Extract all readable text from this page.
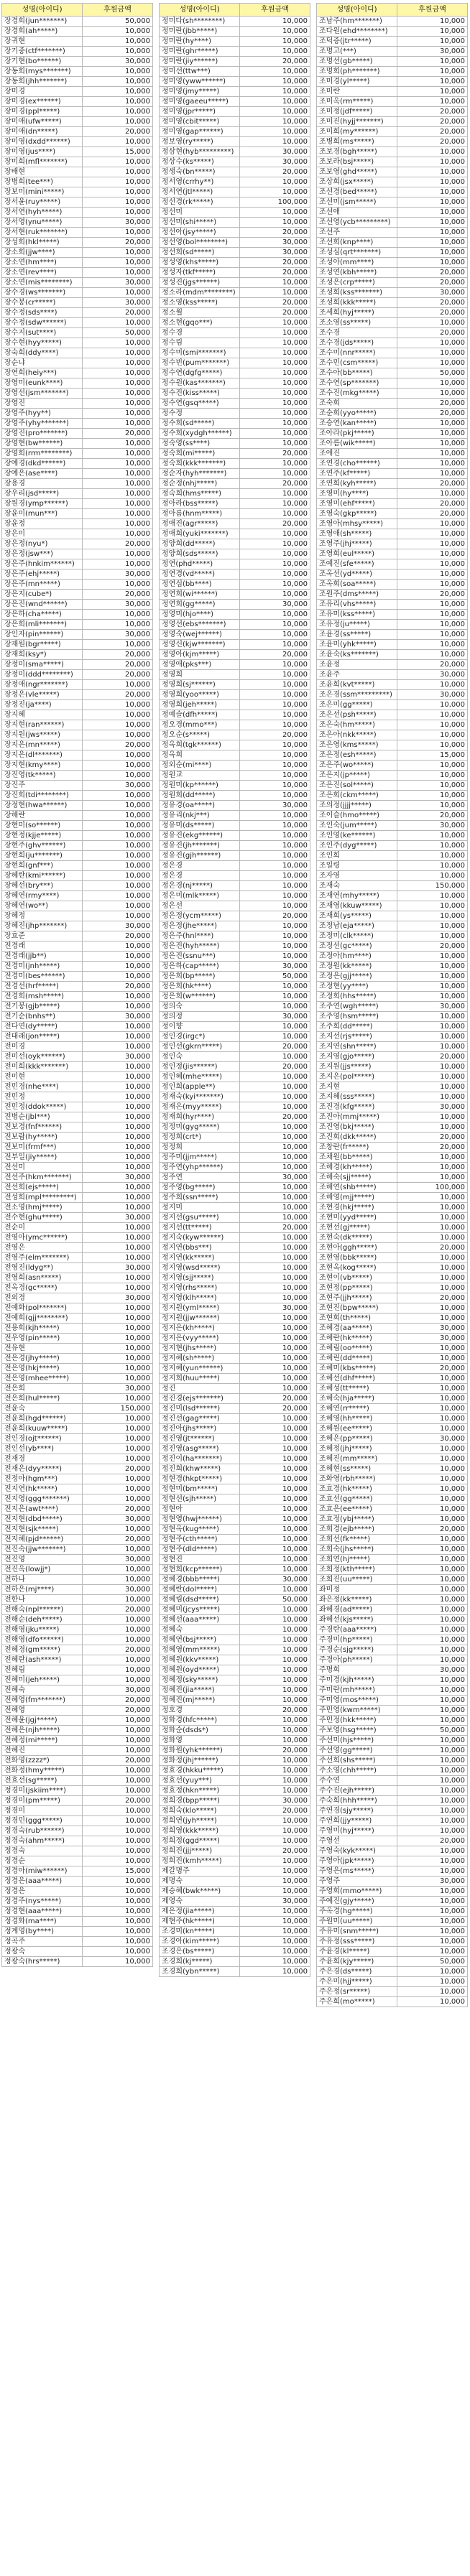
성명(아이디)	후원금액
장경희(jun*******)	50,000
장경희(ah*****)	10,000
장귀현	10,000
장기중(ctf*******)	10,000
장기현(bo******)	30,000
장동희(mys*******)	10,000
장동희(jhh*******)	10,000
장미경	10,000
장미경(ex******)	10,000
장미경(ppl*****)	10,000
장미애(ufw*****)	10,000
장미애(dn*****)	20,000
장미영(dxdd******)	10,000
장미영(jus****)	15,000
장미희(mfl*******)	10,000
장배현	10,000
장병희(tee***)	10,000
장보미(mini*****)	10,000
장서윤(ruy*****)	10,000
장서연(hyh*****)	10,000
장서영(ynu*****)	30,000
장서현(ruk*******)	10,000
장성희(hkl*****)	20,000
장소희(jjw****)	10,000
장소연(hm****)	10,000
장소연(rev****)	10,000
장소연(mis********)	30,000
장수경(ws*******)	10,000
장수봉(cr*****)	30,000
장수정(sds****)	20,000
장수정(sdw******)	10,000
장수지(sut****)	50,000
장수현(hyy*****)	10,000
장숙희(ddy****)	10,000
장순냐	10,000
장연희(heiy***)	10,000
장영미(eunk****)	10,000
장영선(jsm*******)	10,000
장영진	10,000
장영주(hyy**)	10,000
장영주(yhy*******)	10,000
장영진(pro*******)	20,000
장영현(bw******)	10,000
장영희(rrm********)	10,000
장예경(dkd******)	10,000
장예은(ase****)	10,000
장용경	10,000
장우리(jsd*****)	10,000
장원경(ymp******)	10,000
장윤미(mun***)	10,000
장윤정	10,000
장은미	10,000
장은정(nyu*)	20,000
장은정(jsw***)	10,000
장은주(hnkim******)	10,000
장은주(ehj*****)	30,000
장은주(mn*****)	10,000
장은지(cube*)	20,000
장은진(wnd******)	30,000
장은하(cha*****)	10,000
장은희(mli*******)	10,000
장인자(pin******)	30,000
장재원(bgr*****)	10,000
장재희(ksy*)	20,000
장정미(sma*****)	20,000
장정미(ddd********)	20,000
장정애(ngr*******)	10,000
장정은(vle*****)	20,000
장정진(ja****)	10,000
장지혜	10,000
장지현(ran******)	10,000
장지원(jws*****)	10,000
장지은(mn*****)	20,000
장지은(dl*******)	10,000
장지현(kmy****)	10,000
장진영(tk*****)	10,000
장진주	30,000
장진희(tdi********)	10,000
장정현(hwa******)	10,000
장해란	10,000
장현미(so******)	10,000
장현정(kjje*****)	10,000
장현주(ghv******)	10,000
장현희(ju*******)	10,000
장현희(gnf***)	10,000
장혜란(kmi******)	10,000
장혜선(bry***)	10,000
장혜연(rmy****)	10,000
장혜연(wo**)	10,000
장혜정	10,000
장혜진(jhp*******)	30,000
장효준	20,000
전경래	10,000
전경래(jjb**)	10,000
전경미(jnh*****)	10,000
전경미(bes******)	10,000
전경선(hrf*****)	20,000
전경희(msh*****)	10,000
전기봉(gjb*****)	10,000
전기순(bnhs**)	30,000
전다연(dy*****)	10,000
전대래(jon*****)	10,000
전미경	10,000
전미선(oyk******)	30,000
전미희(kkk*******)	10,000
전미현	10,000
전민경(nhe****)	10,000
전민정	10,000
전민정(ddok*****)	10,000
전병순(jbl***)	10,000
전보경(fnf******)	10,000
전보람(hy*****)	10,000
전보미(frmf***)	10,000
전부일(jiy*****)	10,000
전선미	10,000
전선주(hkm*******)	30,000
전선희(ejs*****)	10,000
전성희(mpl*********)	10,000
전소영(hmj*****)	10,000
전수현(ghu*****)	30,000
전순미	10,000
전영아(ymc******)	10,000
전영은	10,000
전영주(elm*******)	10,000
전영진(ldyg**)	30,000
전영희(asn*****)	10,000
전옥경(gc*****)	10,000
전외경	30,000
전예화(pol*******)	10,000
전예희(gjj********)	10,000
전용희(kjh*****)	10,000
전우영(pin*****)	10,000
전유현	10,000
전은경(jhy*****)	10,000
전은영(hkj*****)	10,000
전은영(mhee*****)	10,000
전은희	30,000
전은희(hul*****)	10,000
전윤숙	150,000
전윤희(hgd******)	10,000
전윤희(kuuw*****)	10,000
전인경(ojt******)	10,000
전인선(yb****)	10,000
전재경	10,000
전재은(dyy*****)	20,000
전정아(hgm***)	10,000
전지연(hk*****)	10,000
전지영(ggg*******)	10,000
전지은(awt****)	20,000
전지현(dbd*****)	30,000
전지현(sjk*****)	10,000
전지혜(pjd******)	20,000
전진숙(jjw*******)	10,000
전진영	30,000
전진옥(lowjj*)	10,000
전하나	10,000
전하은(mj****)	30,000
전한나	10,000
전해숙(npl******)	20,000
전해순(deh*****)	10,000
전해영(jku*****)	10,000
전해영(dfo******)	10,000
전혜경(gm*****)	20,000
전혜란(ash*****)	10,000
전혜림	10,000
전혜미(jeh*****)	10,000
전혜숙	30,000
전혜영(fm*******)	20,000
전혜영	20,000
전혜윤(jgj*****)	10,000
전혜은(njh*****)	10,000
전혜정(mi*****)	10,000
전혜진	10,000
전화영(zzzz*)	20,000
전화정(hmy*****)	10,000
전효선(sg*****)	10,000
정경미(jskiim****)	10,000
정경미(pm*****)	20,000
정경미	10,000
정경민(ggg*****)	10,000
정경숙(rub******)	10,000
정경숙(ahm*****)	10,000
정경숙	10,000
정경순	10,000
정경아(miw******)	15,000
정경은(aaa*****)	10,000
정경은	10,000
정경주(nys*****)	10,000
정경현(aaa*****)	10,000
정경화(ma****)	10,000
정계영(by****)	10,000
정곡주	10,000
정광숙	10,000
정광숙(hrs*****)	10,000
성명(아이디)	후원금액
정미다(sh********)	10,000
정미란(jbb*****)	10,000
정미란(hy****)	10,000
정미란(ghr*****)	10,000
정미란(jiy******)	20,000
정미선(ttw***)	10,000
정미영(yww******)	10,000
정미영(jmy*****)	10,000
정미영(gaeeu*****)	10,000
정미영(jpr*****)	10,000
정미영(cbit*****)	10,000
정미영(gap******)	10,000
정보영(ry*****)	10,000
정삼현(hyb*********)	30,000
정상수(ks*****)	30,000
정생숙(bn*****)	20,000
정서영(crrhy**)	10,000
정서연(jtl*****)	10,000
정선경(rk*****)	100,000
정선미	10,000
정선미(shi*****)	10,000
정선아(jsy*****)	20,000
정선영(bol********)	30,000
정선희(sd*****)	30,000
정성영(khs*****)	20,000
정성자(tkf*****)	20,000
정성진(jgs******)	10,000
정소라(mdm********)	10,000
정소영(kss*****)	20,000
정소월	20,000
정소현(gqo***)	10,000
정수경	10,000
정수림	10,000
정수미(smi*******)	10,000
정수빈(pum*******)	10,000
정수연(dgfg*****)	10,000
정수원(kas*******)	10,000
정수진(kiss*****)	10,000
정수연(gsq*****)	10,000
정수정	10,000
정수희(sd*****)	10,000
정수희(xydgh******)	10,000
정숙영(ss****)	10,000
정숙희(mi*****)	20,000
정숙희(kkk*******)	10,000
정순자(hyh*******)	10,000
정순정(nhj*****)	20,000
정숙희(hms*****)	10,000
정아라(bss*****)	10,000
정아름(hnm*****)	10,000
정애진(agr*****)	20,000
정애희(yuki*******)	10,000
정양희(dd*****)	10,000
정양희(sds*****)	10,000
정연(phd*****)	10,000
정연경(vd*****)	10,000
정연심(bb****)	10,000
정연희(wi******)	10,000
정연희(gg*****)	30,000
정영미(hjo****)	10,000
정영선(ebs*******)	10,000
정영숙(wej******)	10,000
정영신(kjw*******)	10,000
정영아(kjm*****)	20,000
정영애(pks***)	10,000
정영희	10,000
정영희(sj******)	10,000
정영희(yoo*****)	10,000
정영희(jeh*****)	10,000
정예슬(dfh*****)	10,000
정오경(mmo***)	10,000
정오순(s*****)	20,000
정옥희(tgk******)	10,000
정옥희	10,000
정외순(mi****)	10,000
정원교	10,000
정원미(kp******)	10,000
정원희(dd*****)	10,000
정유경(oa*****)	30,000
정유리(nkj***)	10,000
정유미(ds*****)	10,000
정유진(ekg******)	10,000
정유진(jh*******)	10,000
정유진(gjh******)	10,000
정은경	10,000
정은경	10,000
정은경(nj*****)	10,000
정은미(mlk*****)	10,000
정은선	10,000
정은정(ycm*****)	20,000
정은정(jhe*****)	10,000
정은주(hnl****)	10,000
정은진(hyh*****)	10,000
정은진(ssnu***)	10,000
정은하(cap*****)	30,000
정은희(bp*****)	50,000
정은희(hk****)	10,000
정은희(w******)	10,000
정의숙	10,000
정의정	30,000
정이향	10,000
정인경(irgc*)	10,000
정인선(gkrn*****)	20,000
정인숙	10,000
정인정(jis******)	20,000
정인혜(mhe*****)	10,000
정인희(apple**)	10,000
정재숙(kyi*******)	10,000
정재은(myy*****)	10,000
정재희(hyr****)	20,000
정정미(gyg*****)	10,000
정정희(crt*)	10,000
정정희	10,000
정주미(jjm*****)	10,000
정주연(yhp******)	10,000
정주연	30,000
정주영(bg*****)	10,000
정주희(ssn*****)	10,000
정지미	10,000
정지선(gsu*****)	10,000
정지선(tt*****)	20,000
정지숙(kyw******)	10,000
정지연(bbs***)	10,000
정지연(kk*****)	10,000
정지영(wsd*****)	10,000
정지영(sjj*****)	10,000
정지영(rhs*****)	10,000
정지영(klh*****)	10,000
정지원(yml*****)	30,000
정지원(jjw******)	10,000
정지은(kh*****)	10,000
정지은(vyy*****)	10,000
정지현(jhs*****)	10,000
정지혜(sh*****)	10,000
정지혜(yun******)	10,000
정지희(huu*****)	10,000
정진	10,000
정진경(ejs*******)	20,000
정진미(lsd******)	20,000
정진선(gag*****)	10,000
정진아(jhs*****)	10,000
정진영(jt******)	10,000
정진영(asg*****)	10,000
정진이(ha*******)	10,000
정진희(khw*****)	10,000
정현경(hkpt*****)	10,000
정현미(bm*****)	10,000
정현선(sjh*****)	10,000
정현아	10,000
정현영(hwj******)	10,000
정현옥(kug*****)	10,000
정현주(cth*****)	10,000
정현주(dld*****)	10,000
정현진	10,000
정현희(kcp******)	10,000
정혜경(bbb*****)	30,000
정혜란(dol*****)	10,000
정혜림(dsd*****)	50,000
정혜미(jcys*****)	10,000
정혜선(aaa*****)	10,000
정혜숙	10,000
정혜연(bsj*****)	10,000
정혜영(mm*****)	10,000
정혜원(kkv*****)	10,000
정혜원(oyd*****)	10,000
정혜정(sky*****)	10,000
정혜진(jia*****)	10,000
정혜진(mj*****)	10,000
정호경	20,000
정화경(hfc*****)	10,000
정화순(dsds*)	10,000
정화영	10,000
정화원(yhk******)	20,000
정화정(jhj******)	10,000
정효경(hkku*****)	10,000
정효선(yuy***)	10,000
정효정(hkn*****)	10,000
정희경(bpp*****)	30,000
정희숙(klo*****)	20,000
정희연(jyh*****)	10,000
정희영(kkk*****)	10,000
정희정(ggd*****)	10,000
정희진(jjj*****)	20,000
정희진(kmh*****)	10,000
제갈명주	10,000
제명숙	10,000
제승혜(bwk*****)	10,000
제영숙	30,000
제은정(jia*****)	10,000
제현주(hk*****)	10,000
조경미(kn*****)	10,000
조경아(kim*****)	10,000
조경은(bs*****)	10,000
조경희(kj*****)	10,000
조경희(ybn*****)	10,000
성명(아이디)	후원금액
조남주(hm*******)	10,000
조다원(ehd********)	10,000
조덕증(jtr*****)	10,000
조명고(***)	30,000
조명선(gb*****)	10,000
조명희(ph*******)	10,000
조미경(yl*****)	10,000
조미란	10,000
조미옥(rm*****)	10,000
조미정(jdf*****)	20,000
조미진(hyjj*******)	20,000
조미희(my******)	20,000
조병희(ms*****)	20,000
조보경(bgh*****)	10,000
조보라(bsj*****)	10,000
조보영(ghd*****)	10,000
조상희(jsx*****)	10,000
조선경(bed*****)	10,000
조선미(jsm*****)	10,000
조선애	10,000
조선영(ycb*********)	10,000
조선주	10,000
조선희(knp****)	10,000
조성심(qrt*******)	10,000
조성아(mm****)	10,000
조성연(kbh*****)	20,000
조성은(crp*****)	20,000
조성희(kss*******)	30,000
조성희(kkk*****)	20,000
조세희(hyj*****)	20,000
조소영(ss*****)	10,000
조수경	20,000
조수경(jds*****)	10,000
조수미(nnr*****)	10,000
조수민(csm*****)	10,000
조수아(bb*****)	50,000
조수연(sp*******)	10,000
조수진(mkg*****)	10,000
조숙희	20,000
조순희(yyo*****)	20,000
조승연(kan*****)	10,000
조아라(pkj*****)	10,000
조아름(wik*****)	10,000
조애진	10,000
조연경(cho******)	10,000
조연주(kf*****)	10,000
조연희(kyh*****)	20,000
조영미(hy****)	10,000
조영미(ehf*****)	20,000
조영숙(gkp*****)	20,000
조영아(mhsy*****)	10,000
조영애(sh*****)	10,000
조영주(jhj*****)	10,000
조영희(eul*****)	10,000
조예진(sfe*****)	10,000
조옥선(yd*****)	10,000
조옥희(soa*****)	10,000
조원주(dms*****)	20,000
조유리(vhs*****)	10,000
조유미(kss*****)	10,000
조유정(ju*****)	10,000
조윤경(ss*****)	10,000
조윤미(yhk*****)	10,000
조윤숙(ks*******)	10,000
조윤정	20,000
조윤주	30,000
조윤희(kvt*****)	10,000
조은경(ssm*********)	30,000
조은미(gg*****)	10,000
조은선(psh*****)	10,000
조은숙(hm*****)	10,000
조은아(nkk*****)	10,000
조은영(kms*****)	10,000
조은정(esh*****)	15,000
조은주(wo*****)	10,000
조은지(jp*****)	10,000
조은진(sol*****)	10,000
조은희(ckm*****)	10,000
조의정(jjjj*****)	10,000
조이슬(hmo*****)	20,000
조인숙(jum*****)	30,000
조인영(ke******)	10,000
조인주(dyg*****)	10,000
조인희	10,000
조일령	10,000
조자영	10,000
조재숙	150,000
조재연(mhy*****)	10,000
조재영(kkuw*****)	10,000
조재희(ys*****)	10,000
조정남(eja*****)	10,000
조정미(clk*****)	10,000
조정선(gc*****)	20,000
조정아(hm****)	10,000
조정원(kk*****)	10,000
조정은(gjj*****)	10,000
조정현(yy****)	10,000
조정희(hhs*****)	10,000
조주연(wgh*****)	30,000
조주영(hsm*****)	10,000
조주희(dd*****)	10,000
조지선(rjs*****)	10,000
조지연(shn*****)	10,000
조지영(gjo*****)	20,000
조지원(jjs*****)	10,000
조지은(pol*****)	10,000
조지현	10,000
조지혜(sss*****)	10,000
조진경(kfg*****)	30,000
조진아(mmj*****)	10,000
조진영(bkj*****)	10,000
조진희(dkk*****)	20,000
조창란(fr*****)	20,000
조채원(bb*****)	10,000
조해경(kh*****)	10,000
조해숙(sjj*****)	10,000
조해연(shb*****)	100,000
조해영(mjj*****)	10,000
조현경(hkj*****)	10,000
조현미(yyd*****)	10,000
조현선(gj*****)	10,000
조현숙(dk*****)	10,000
조현아(ggh*****)	20,000
조현영(bbk*****)	10,000
조현옥(kog*****)	10,000
조현이(vb*****)	10,000
조현정(pp*****)	10,000
조현주(jjh*****)	20,000
조현진(bpw*****)	10,000
조현희(th*****)	10,000
조혜경(aa*****)	30,000
조혜란(hk*****)	30,000
조혜림(oo*****)	10,000
조혜린(dd*****)	10,000
조혜미(kbs*****)	20,000
조혜선(dhf*****)	10,000
조혜성(tt*****)	10,000
조혜숙(hja*****)	10,000
조혜연(rr*****)	10,000
조혜영(hh*****)	10,000
조혜원(ee*****)	10,000
조혜은(pp*****)	30,000
조혜정(jhj*****)	10,000
조혜진(mm*****)	10,000
조혜현(ss*****)	10,000
조화영(rbh*****)	10,000
조효경(hk*****)	10,000
조효선(gg*****)	10,000
조효은(ee*****)	10,000
조효정(ybj*****)	10,000
조희경(ejb*****)	20,000
조희선(fk*****)	10,000
조희숙(jhs*****)	10,000
조희연(hj*****)	10,000
조희정(kth*****)	10,000
조희진(uu*****)	10,000
좌미정	10,000
좌은정(kk*****)	10,000
좌혜경(ad*****)	10,000
좌혜선(kjs*****)	10,000
주경란(aaa*****)	10,000
주경미(hp*****)	10,000
주경순(sjg*****)	10,000
주경아(ph*****)	10,000
주명희	30,000
주미경(kjh*****)	10,000
주미란(mh*****)	10,000
주미영(mos*****)	10,000
주민영(kwm*****)	10,000
주민정(hkk*****)	10,000
주보영(hsg*****)	50,000
주선미(hjs*****)	10,000
주선영(gg*****)	10,000
주선희(shs*****)	10,000
주소영(chh*****)	10,000
주수연	10,000
주수진(ejh*****)	10,000
주숙희(hhh*****)	10,000
주연경(sjy*****)	10,000
주연희(jjy*****)	10,000
주영미(hyj*****)	10,000
주영선	20,000
주영숙(kyk*****)	10,000
주영아(jpk*****)	10,000
주영은(ms*****)	10,000
주영주	30,000
주영희(mmo*****)	10,000
주예진(gjy*****)	10,000
주옥경(hg*****)	10,000
주원미(uu*****)	10,000
주유미(snm*****)	10,000
주유정(sss*****)	10,000
주윤경(kl*****)	10,000
주윤희(kjy*****)	50,000
주은경(ds*****)	10,000
주은미(hjj*****)	10,000
주은정(sr*****)	10,000
주은희(mo*****)	10,000
